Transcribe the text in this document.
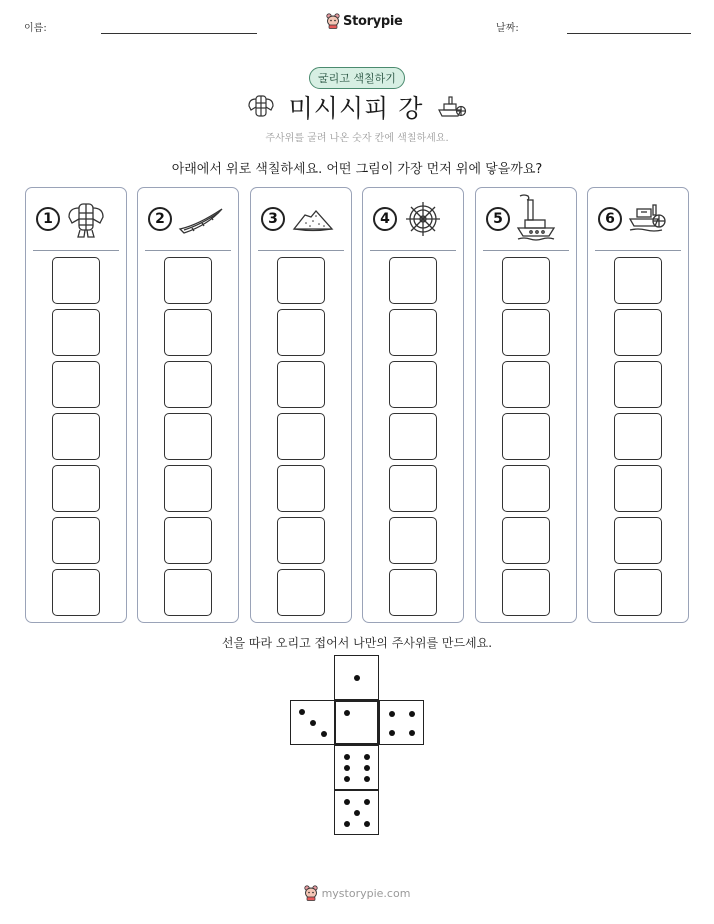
이름:	Storypie	날짜:
굴리고 색칠하기
미시시피 강
주사위를 굴려 나온 숫자 칸에 색칠하세요.
아래에서 위로 색칠하세요. 어떤 그림이 가장 먼저 위에 닿을까요?
1	2	3	4	5	6
선을 따라 오리고 접어서 나만의 주사위를 만드세요.
mystorypie.com
